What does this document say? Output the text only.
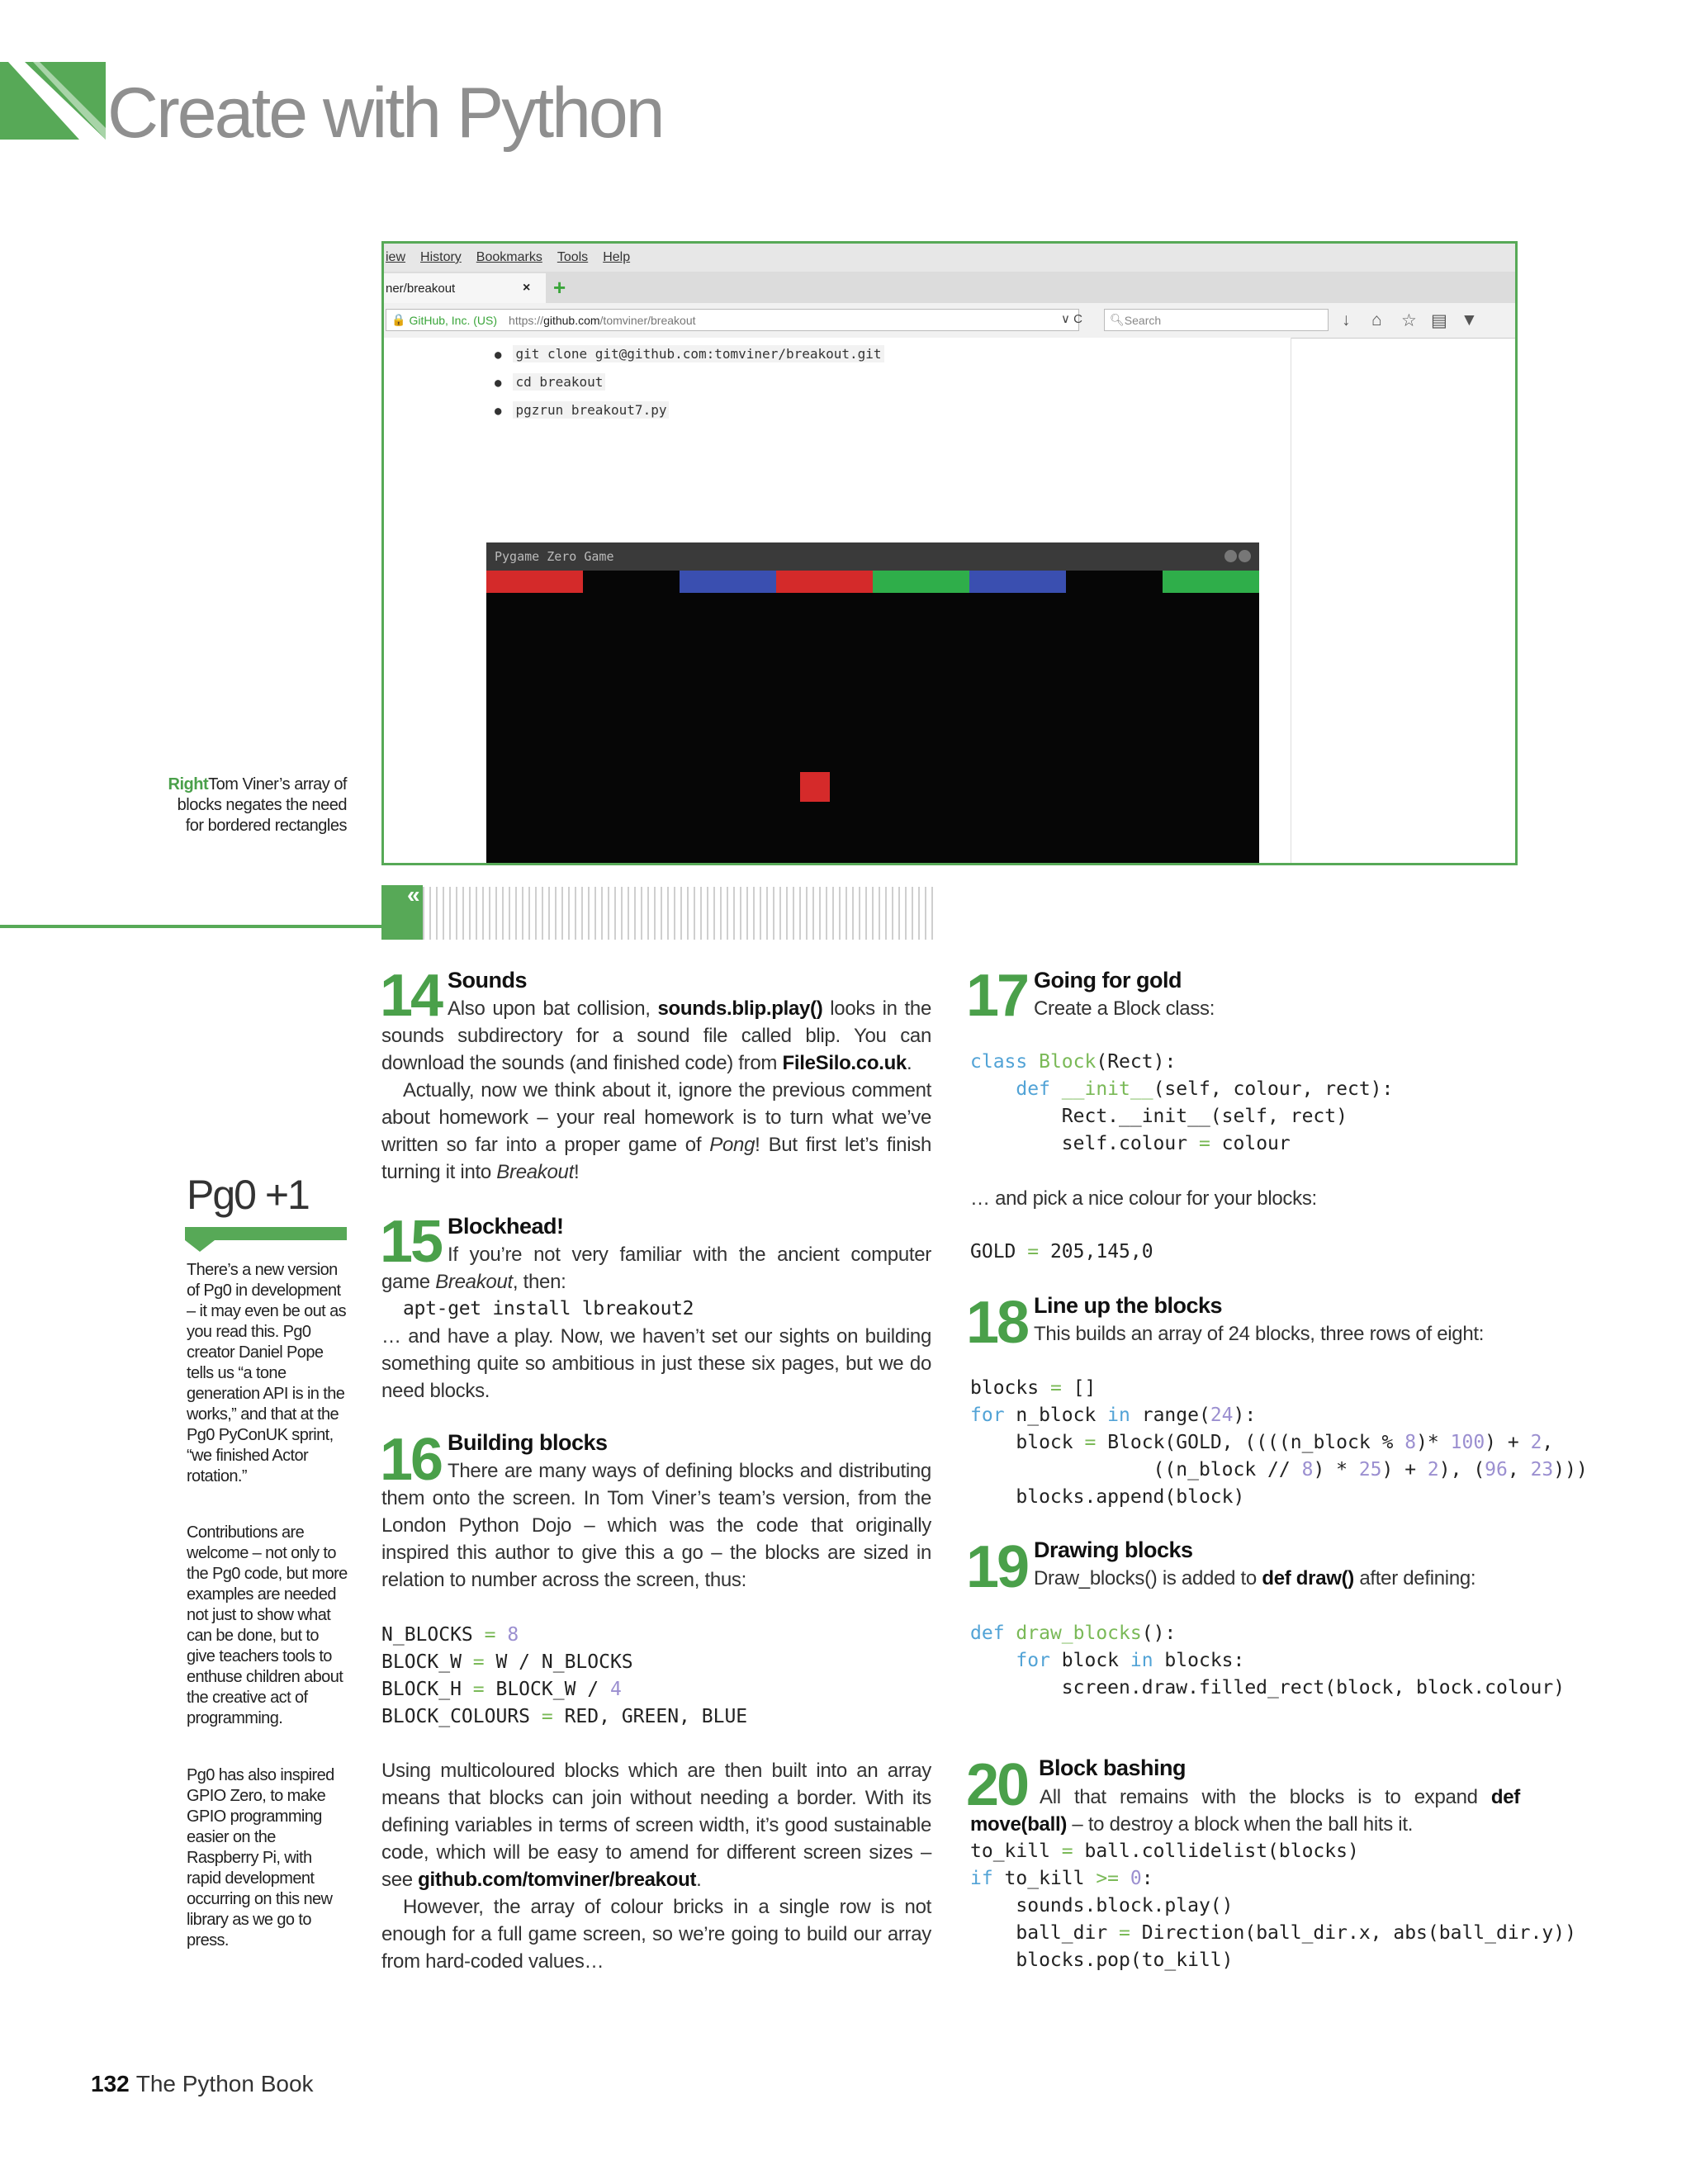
Create with Python
iew History Bookmarks Tools Help
ner/breakout	× +
🔒 GitHub, Inc. (US) https:// github.com /tomviner/breakout	∨ C 🔍︎ Search	↓ ⌂ ☆ ▤ ▼
● git clone git@github.com:tomviner/breakout.git
● cd breakout
● pgzrun breakout7.py
Pygame Zero Game
RightTom Viner’s array of blocks negates the need for bordered rectangles
«
Pg0 +1

There’s a new version of Pg0 in development – it may even be out as you read this. Pg0 creator Daniel Pope tells us “a tone generation API is in the works,” and that at the Pg0 PyConUK sprint, “we finished Actor rotation.”

Contributions are welcome – not only to the Pg0 code, but more examples are needed not just to show what can be done, but to give teachers tools to enthuse children about the creative act of programming.

Pg0 has also inspired GPIO Zero, to make GPIO programming easier on the Raspberry Pi, with rapid development occurring on this new library as we go to press.

14 Sounds

Also upon bat collision, sounds.blip.play() looks in the sounds subdirectory for a sound file called blip. You can download the sounds (and finished code) from FileSilo.co.uk.

Actually, now we think about it, ignore the previous comment about homework – your real homework is to turn what we’ve written so far into a proper game of Pong! But first let’s finish turning it into Breakout!

15 Blockhead!

If you’re not very familiar with the ancient computer game Breakout, then:

apt-get install lbreakout2

… and have a play. Now, we haven’t set our sights on building something quite so ambitious in just these six pages, but we do need blocks.

16 Building blocks

There are many ways of defining blocks and distributing them onto the screen. In Tom Viner’s team’s version, from the London Python Dojo – which was the code that originally inspired this author to give this a go – the blocks are sized in relation to number across the screen, thus:

N_BLOCKS = 8
BLOCK_W = W / N_BLOCKS
BLOCK_H = BLOCK_W / 4
BLOCK_COLOURS = RED, GREEN, BLUE

Using multicoloured blocks which are then built into an array means that blocks can join without needing a border. With its defining variables in terms of screen width, it’s good sustainable code, which will be easy to amend for different screen sizes – see github.com/tomviner/breakout.

However, the array of colour bricks in a single row is not enough for a full game screen, so we’re going to build our array from hard-coded values…

17 Going for gold
Create a Block class:
class Block(Rect):
def __init__(self, colour, rect):
Rect.__init__(self, rect)
self.colour = colour
… and pick a nice colour for your blocks:
GOLD = 205,145,0
18 Line up the blocks
This builds an array of 24 blocks, three rows of eight:
blocks = []
for n_block in range(24):
block = Block(GOLD, ((((n_block % 8)* 100) + 2,
((n_block // 8) * 25) + 2), (96, 23)))
blocks.append(block)
19 Drawing blocks
Draw_blocks() is added to def draw() after defining:
def draw_blocks():
for block in blocks:
screen.draw.filled_rect(block, block.colour)
20 Block bashing

All that remains with the blocks is to expand def move(ball) – to destroy a block when the ball hits it.

to_kill = ball.collidelist(blocks)
if to_kill >= 0:
sounds.block.play()
ball_dir = Direction(ball_dir.x, abs(ball_dir.y))
blocks.pop(to_kill)
132 The Python Book
